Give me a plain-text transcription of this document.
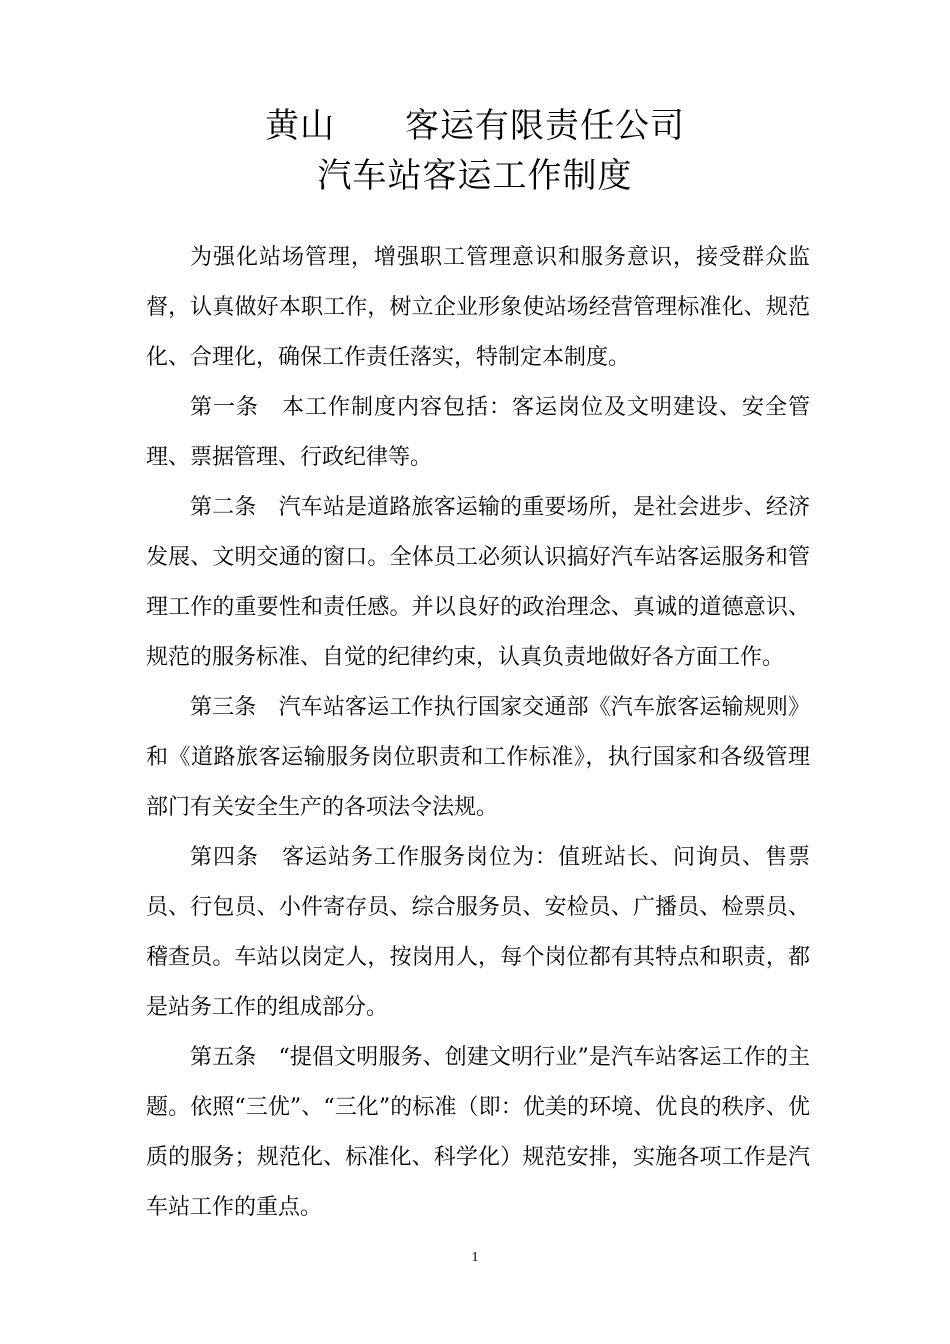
黄山　　客运有限责任公司
汽车站客运工作制度

为强化站场管理，增强职工管理意识和服务意识，接受群众监督，认真做好本职工作，树立企业形象使站场经营管理标准化、规范化、合理化，确保工作责任落实，特制定本制度。

第一条　本工作制度内容包括：客运岗位及文明建设、安全管理、票据管理、行政纪律等。

第二条　汽车站是道路旅客运输的重要场所，是社会进步、经济发展、文明交通的窗口。全体员工必须认识搞好汽车站客运服务和管理工作的重要性和责任感。并以良好的政治理念、真诚的道德意识、规范的服务标准、自觉的纪律约束，认真负责地做好各方面工作。

第三条　汽车站客运工作执行国家交通部《汽车旅客运输规则》和《道路旅客运输服务岗位职责和工作标准》，执行国家和各级管理部门有关安全生产的各项法令法规。

第四条　客运站务工作服务岗位为：值班站长、问询员、售票员、行包员、小件寄存员、综合服务员、安检员、广播员、检票员、稽查员。车站以岗定人，按岗用人，每个岗位都有其特点和职责，都是站务工作的组成部分。

第五条　“提倡文明服务、创建文明行业”是汽车站客运工作的主题。依照“三优”、“三化”的标准（即：优美的环境、优良的秩序、优质的服务；规范化、标准化、科学化）规范安排，实施各项工作是汽车站工作的重点。

1
